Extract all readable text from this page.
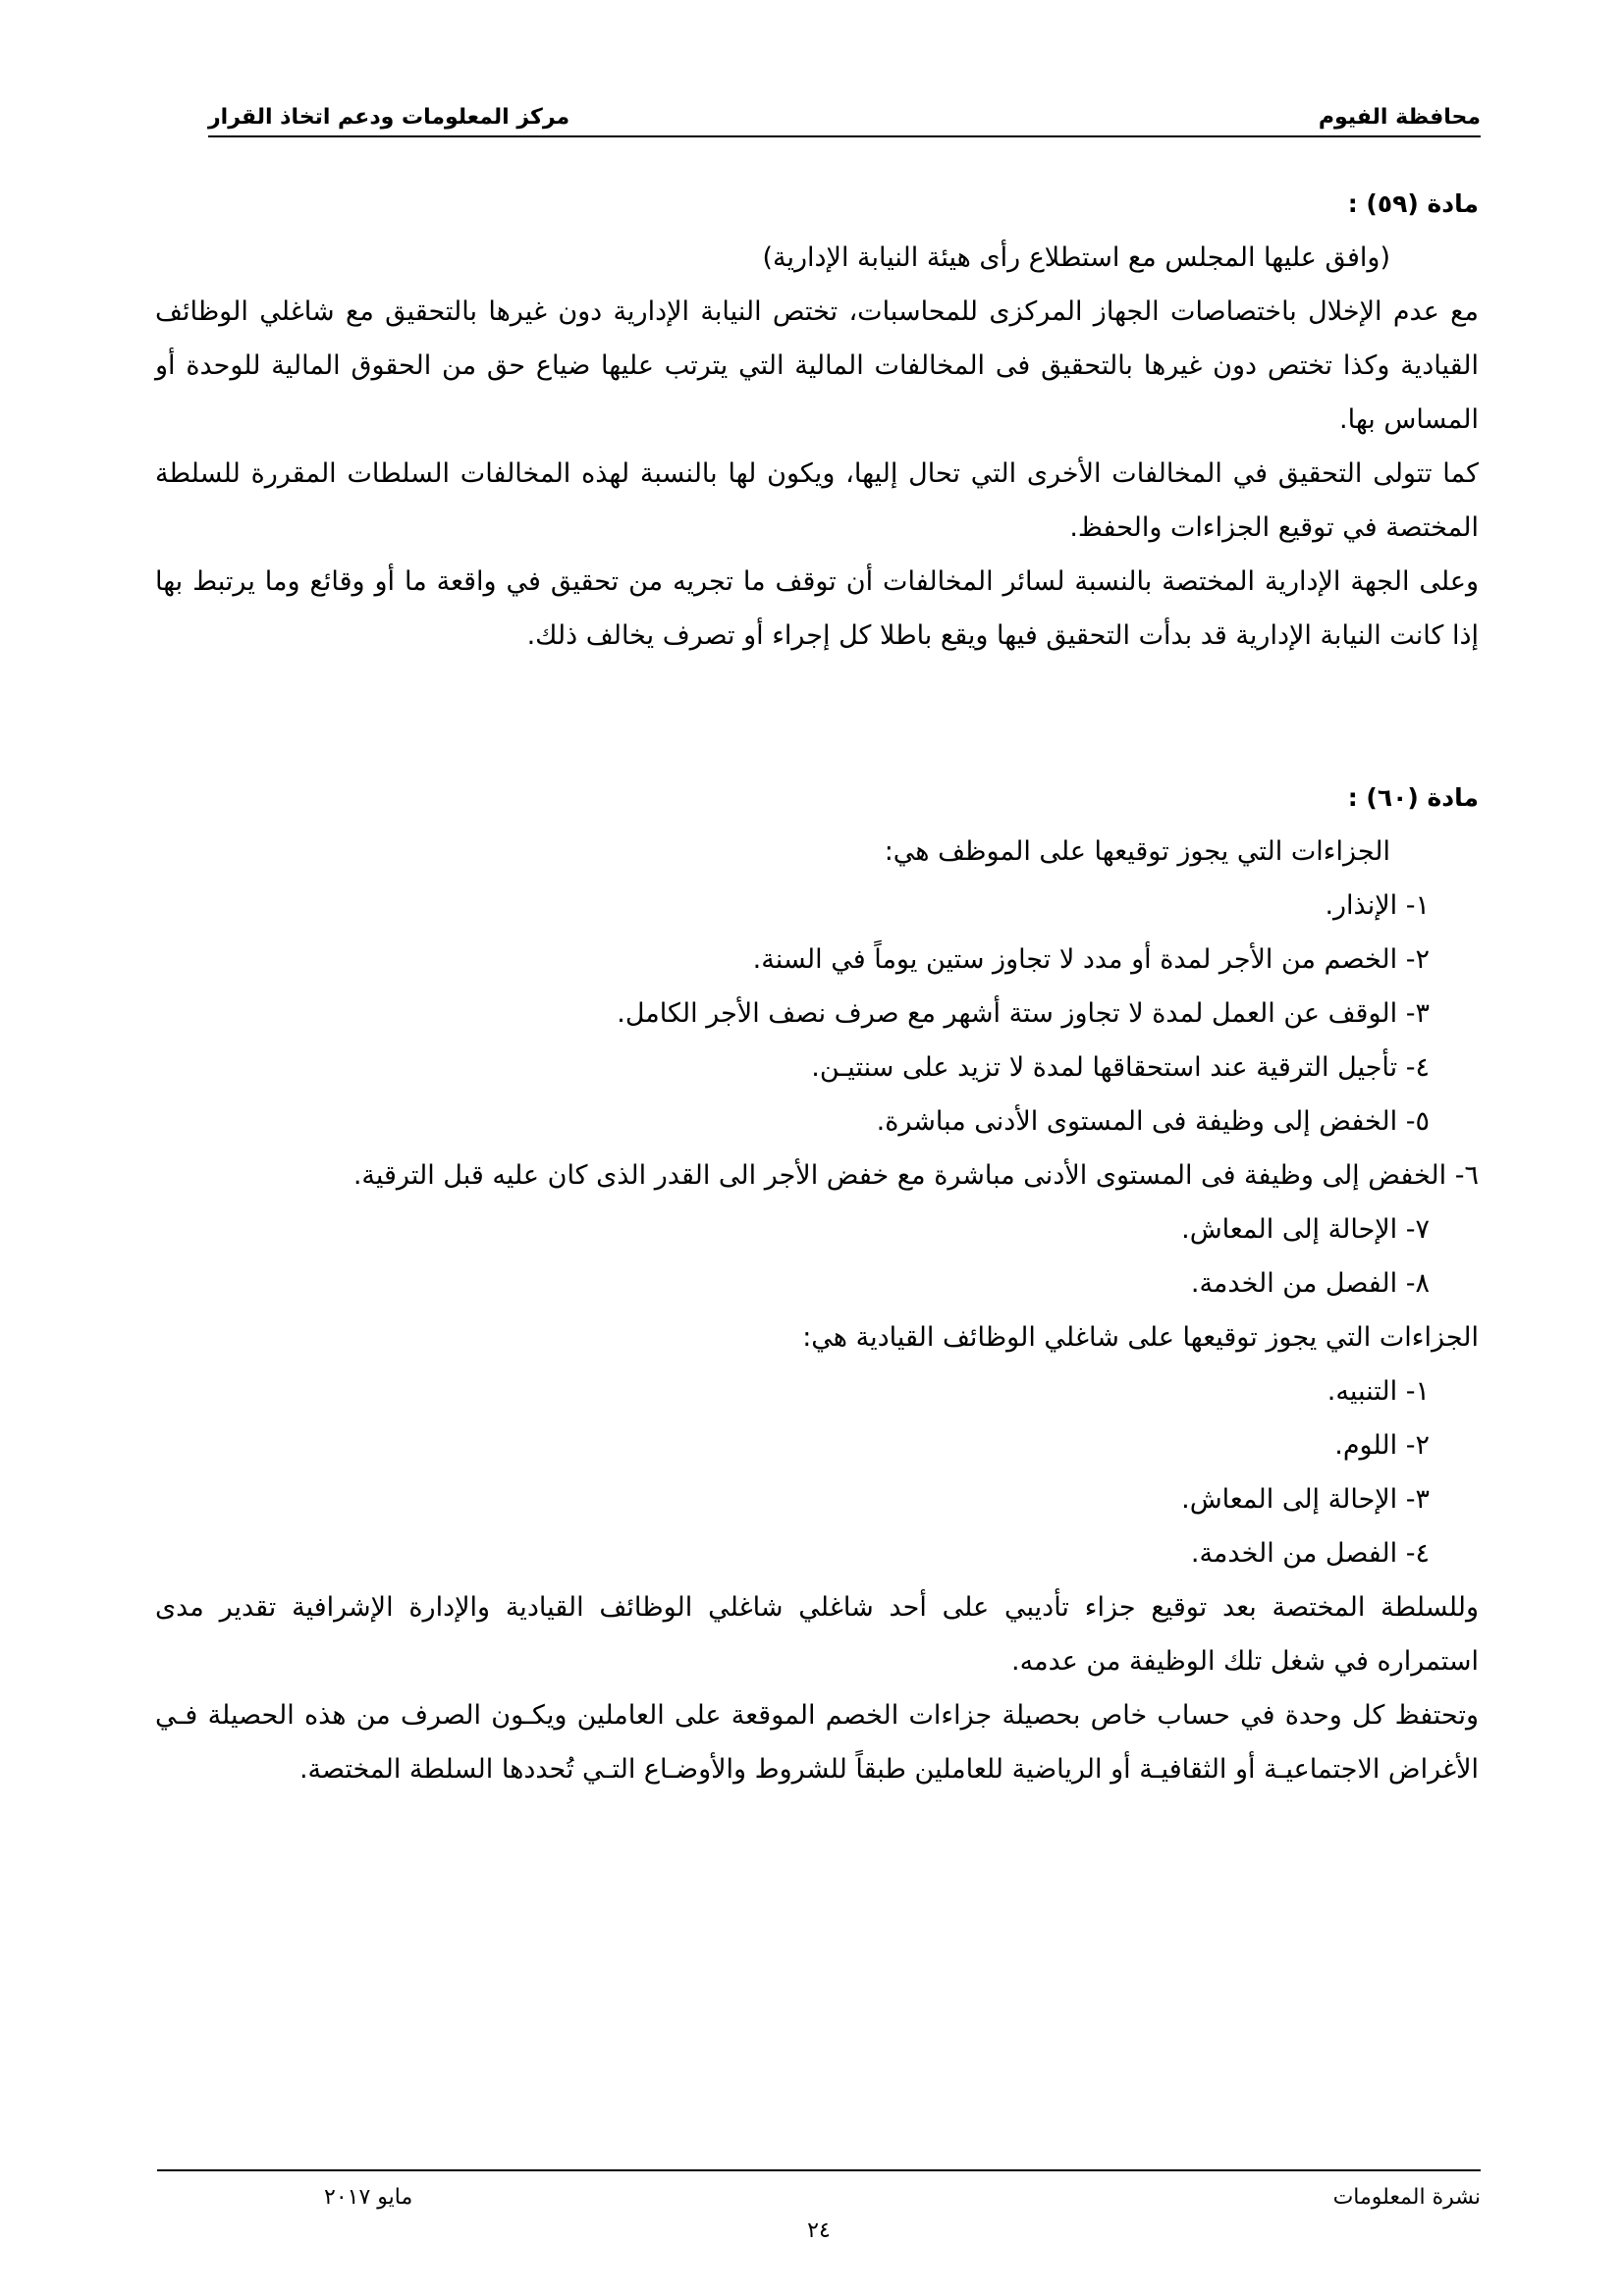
محافظة الفيوم
مركز المعلومات ودعم اتخاذ القرار

مادة (٥٩) :

(وافق عليها المجلس مع استطلاع رأى هيئة النيابة الإدارية)

مع عدم الإخلال باختصاصات الجهاز المركزى للمحاسبات، تختص النيابة الإدارية دون غيرها بالتحقيق مع شاغلي الوظائف القيادية وكذا تختص دون غيرها بالتحقيق فى المخالفات المالية التي يترتب عليها ضياع حق من الحقوق المالية للوحدة أو المساس بها.

كما تتولى التحقيق في المخالفات الأخرى التي تحال إليها، ويكون لها بالنسبة لهذه المخالفات السلطات المقررة للسلطة المختصة في توقيع الجزاءات والحفظ.

وعلى الجهة الإدارية المختصة بالنسبة لسائر المخالفات أن توقف ما تجريه من تحقيق في واقعة ما أو وقائع وما يرتبط بها إذا كانت النيابة الإدارية قد بدأت التحقيق فيها ويقع باطلا كل إجراء أو تصرف يخالف ذلك.

مادة (٦٠) :

الجزاءات التي يجوز توقيعها على الموظف هي:

١- الإنذار.

٢- الخصم من الأجر لمدة أو مدد لا تجاوز ستين يوماً في السنة.

٣- الوقف عن العمل لمدة لا تجاوز ستة أشهر مع صرف نصف الأجر الكامل.

٤- تأجيل الترقية عند استحقاقها لمدة لا تزيد على سنتيـن.

٥- الخفض إلى وظيفة فى المستوى الأدنى مباشرة.

٦- الخفض إلى وظيفة فى المستوى الأدنى مباشرة مع خفض الأجر الى القدر الذى كان عليه قبل الترقية.

٧- الإحالة إلى المعاش.

٨- الفصل من الخدمة.

الجزاءات التي يجوز توقيعها على شاغلي الوظائف القيادية هي:

١- التنبيه.

٢- اللوم.

٣- الإحالة إلى المعاش.

٤- الفصل من الخدمة.

وللسلطة المختصة بعد توقيع جزاء تأديبي على أحد شاغلي شاغلي الوظائف القيادية والإدارة الإشرافية تقدير مدى استمراره في شغل تلك الوظيفة من عدمه.

وتحتفظ كل وحدة في حساب خاص بحصيلة جزاءات الخصم الموقعة على العاملين ويكـون الصرف من هذه الحصيلة فـي الأغراض الاجتماعيـة أو الثقافيـة أو الرياضية للعاملين طبقاً للشروط والأوضـاع التـي تُحددها السلطة المختصة.

نشرة المعلومات
مايو ٢٠١٧
٢٤
